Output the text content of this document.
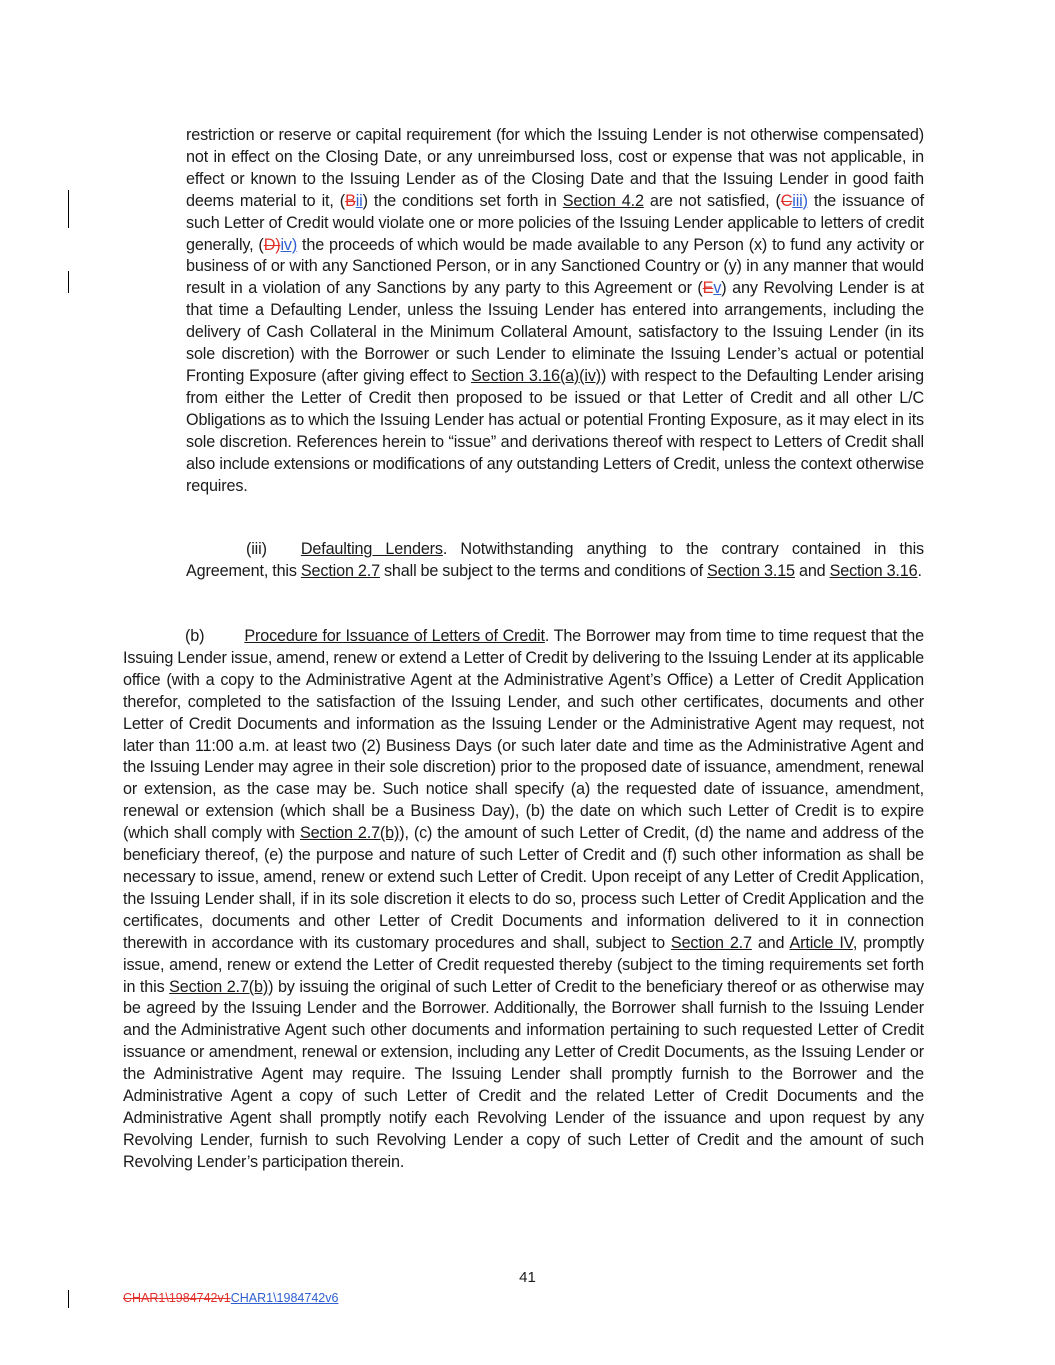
restriction or reserve or capital requirement (for which the Issuing Lender is not otherwise compensated) not in effect on the Closing Date, or any unreimbursed loss, cost or expense that was not applicable, in effect or known to the Issuing Lender as of the Closing Date and that the Issuing Lender in good faith deems material to it, (Bii) the conditions set forth in Section 4.2 are not satisfied, (Ciii) the issuance of such Letter of Credit would violate one or more policies of the Issuing Lender applicable to letters of credit generally, (D)iv) the proceeds of which would be made available to any Person (x) to fund any activity or business of or with any Sanctioned Person, or in any Sanctioned Country or (y) in any manner that would result in a violation of any Sanctions by any party to this Agreement or (Ev) any Revolving Lender is at that time a Defaulting Lender, unless the Issuing Lender has entered into arrangements, including the delivery of Cash Collateral in the Minimum Collateral Amount, satisfactory to the Issuing Lender (in its sole discretion) with the Borrower or such Lender to eliminate the Issuing Lender’s actual or potential Fronting Exposure (after giving effect to Section 3.16(a)(iv)) with respect to the Defaulting Lender arising from either the Letter of Credit then proposed to be issued or that Letter of Credit and all other L/C Obligations as to which the Issuing Lender has actual or potential Fronting Exposure, as it may elect in its sole discretion. References herein to “issue” and derivations thereof with respect to Letters of Credit shall also include extensions or modifications of any outstanding Letters of Credit, unless the context otherwise requires.

(iii) Defaulting Lenders. Notwithstanding anything to the contrary contained in this Agreement, this Section 2.7 shall be subject to the terms and conditions of Section 3.15 and Section 3.16.

(b) Procedure for Issuance of Letters of Credit. The Borrower may from time to time request that the Issuing Lender issue, amend, renew or extend a Letter of Credit by delivering to the Issuing Lender at its applicable office (with a copy to the Administrative Agent at the Administrative Agent’s Office) a Letter of Credit Application therefor, completed to the satisfaction of the Issuing Lender, and such other certificates, documents and other Letter of Credit Documents and information as the Issuing Lender or the Administrative Agent may request, not later than 11:00 a.m. at least two (2) Business Days (or such later date and time as the Administrative Agent and the Issuing Lender may agree in their sole discretion) prior to the proposed date of issuance, amendment, renewal or extension, as the case may be. Such notice shall specify (a) the requested date of issuance, amendment, renewal or extension (which shall be a Business Day), (b) the date on which such Letter of Credit is to expire (which shall comply with Section 2.7(b)), (c) the amount of such Letter of Credit, (d) the name and address of the beneficiary thereof, (e) the purpose and nature of such Letter of Credit and (f) such other information as shall be necessary to issue, amend, renew or extend such Letter of Credit. Upon receipt of any Letter of Credit Application, the Issuing Lender shall, if in its sole discretion it elects to do so, process such Letter of Credit Application and the certificates, documents and other Letter of Credit Documents and information delivered to it in connection therewith in accordance with its customary procedures and shall, subject to Section 2.7 and Article IV, promptly issue, amend, renew or extend the Letter of Credit requested thereby (subject to the timing requirements set forth in this Section 2.7(b)) by issuing the original of such Letter of Credit to the beneficiary thereof or as otherwise may be agreed by the Issuing Lender and the Borrower. Additionally, the Borrower shall furnish to the Issuing Lender and the Administrative Agent such other documents and information pertaining to such requested Letter of Credit issuance or amendment, renewal or extension, including any Letter of Credit Documents, as the Issuing Lender or the Administrative Agent may require. The Issuing Lender shall promptly furnish to the Borrower and the Administrative Agent a copy of such Letter of Credit and the related Letter of Credit Documents and the Administrative Agent shall promptly notify each Revolving Lender of the issuance and upon request by any Revolving Lender, furnish to such Revolving Lender a copy of such Letter of Credit and the amount of such Revolving Lender’s participation therein.

41
CHAR1\1984742v1CHAR1\1984742v6
